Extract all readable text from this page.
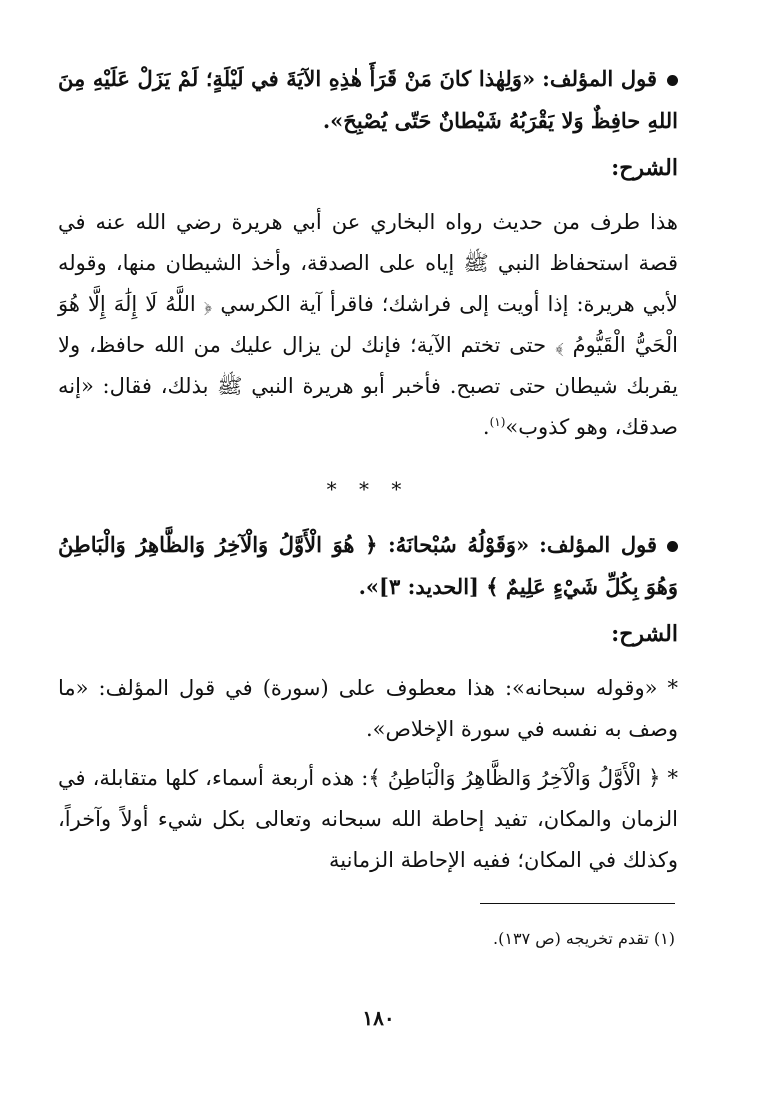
قول المؤلف: «وَلِهٰذا كانَ مَنْ قَرَأَ هٰذِهِ الآيَةَ في لَيْلَةٍ؛ لَمْ يَزَلْ عَلَيْهِ مِنَ اللهِ حافِظٌ وَلا يَقْرَبُهُ شَيْطانٌ حَتّى يُصْبِحَ».

الشرح:

هذا طرف من حديث رواه البخاري عن أبي هريرة رضي الله عنه في قصة استحفاظ النبي ﷺ إياه على الصدقة، وأخذ الشيطان منها، وقوله لأبي هريرة: إذا أويت إلى فراشك؛ فاقرأ آية الكرسي ﴿ اللَّهُ لَا إِلَٰهَ إِلَّا هُوَ الْحَيُّ الْقَيُّومُ ﴾ حتى تختم الآية؛ فإنك لن يزال عليك من الله حافظ، ولا يقربك شيطان حتى تصبح. فأخبر أبو هريرة النبي ﷺ بذلك، فقال: «إنه صدقك، وهو كذوب»$^{(١)}$.

* * *

قول المؤلف: «وَقَوْلُهُ سُبْحانَهُ: ﴿ هُوَ الْأَوَّلُ وَالْآخِرُ وَالظَّاهِرُ وَالْبَاطِنُ وَهُوَ بِكُلِّ شَيْءٍ عَلِيمٌ ﴾ [الحديد: ٣]».

الشرح:

* «وقوله سبحانه»: هذا معطوف على (سورة) في قول المؤلف: «ما وصف به نفسه في سورة الإخلاص».

* ﴿ الْأَوَّلُ وَالْآخِرُ وَالظَّاهِرُ وَالْبَاطِنُ ﴾: هذه أربعة أسماء، كلها متقابلة، في الزمان والمكان، تفيد إحاطة الله سبحانه وتعالى بكل شيء أولاً وآخراً، وكذلك في المكان؛ ففيه الإحاطة الزمانية

(١) تقدم تخريجه (ص ١٣٧).
١٨٠
